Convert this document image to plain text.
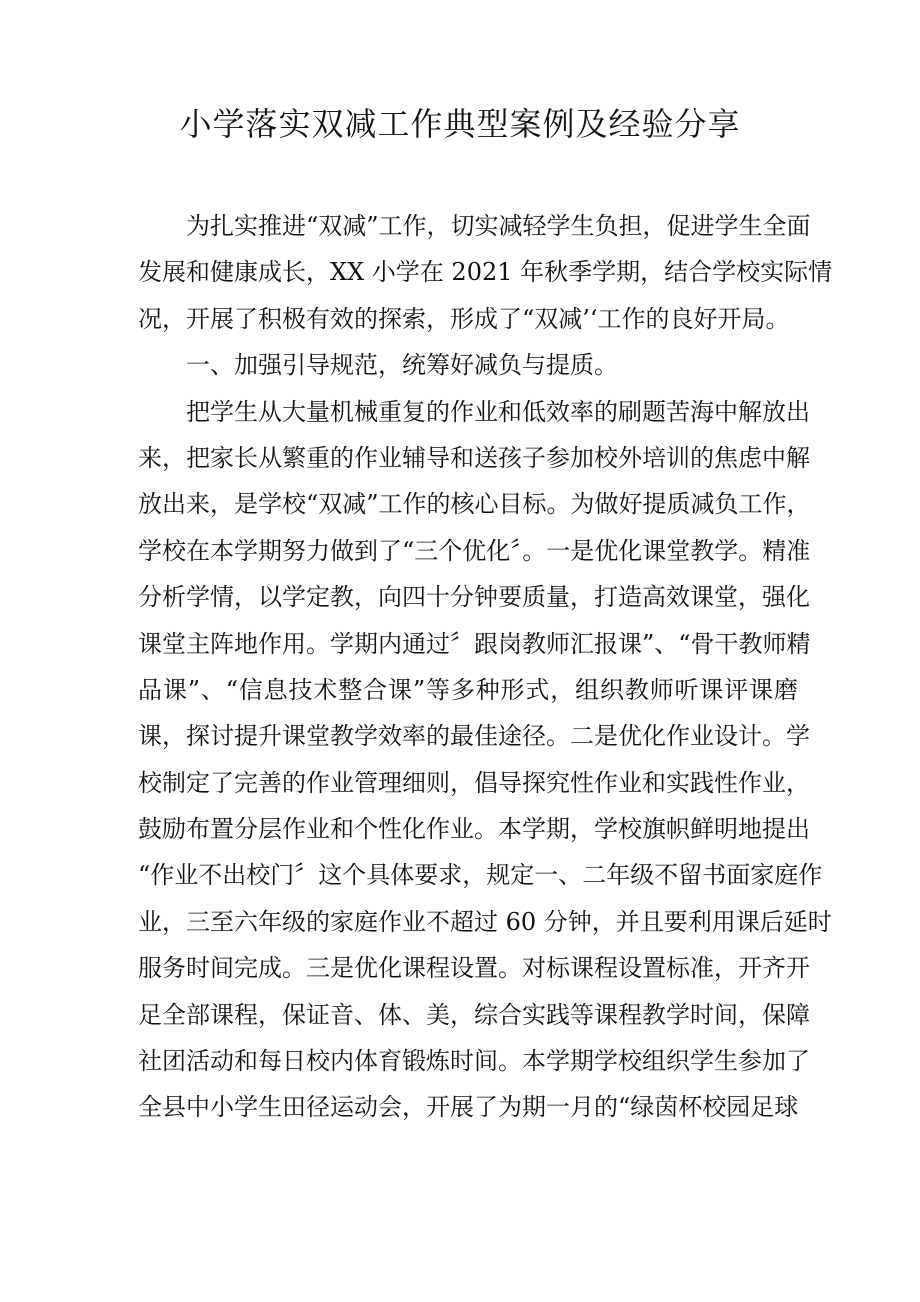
小学落实双减工作典型案例及经验分享
为扎实推进“双减”工作，切实减轻学生负担，促进学生全面
发展和健康成长，XX 小学在 2021 年秋季学期，结合学校实际情
况，开展了积极有效的探索，形成了“双减’‘工作的良好开局。
一、加强引导规范，统筹好减负与提质。
把学生从大量机械重复的作业和低效率的刷题苦海中解放出
来，把家长从繁重的作业辅导和送孩子参加校外培训的焦虑中解
放出来，是学校“双减”工作的核心目标。为做好提质减负工作，
学校在本学期努力做到了“三个优化〞。一是优化课堂教学。精准
分析学情，以学定教，向四十分钟要质量，打造高效课堂，强化
课堂主阵地作用。学期内通过〞跟岗教师汇报课”、“骨干教师精
品课”、“信息技术整合课”等多种形式，组织教师听课评课磨
课，探讨提升课堂教学效率的最佳途径。二是优化作业设计。学
校制定了完善的作业管理细则，倡导探究性作业和实践性作业，
鼓励布置分层作业和个性化作业。本学期，学校旗帜鲜明地提出
“作业不出校门〞这个具体要求，规定一、二年级不留书面家庭作
业，三至六年级的家庭作业不超过 60 分钟，并且要利用课后延时
服务时间完成。三是优化课程设置。对标课程设置标准，开齐开
足全部课程，保证音、体、美，综合实践等课程教学时间，保障
社团活动和每日校内体育锻炼时间。本学期学校组织学生参加了
全县中小学生田径运动会，开展了为期一月的“绿茵杯校园足球
